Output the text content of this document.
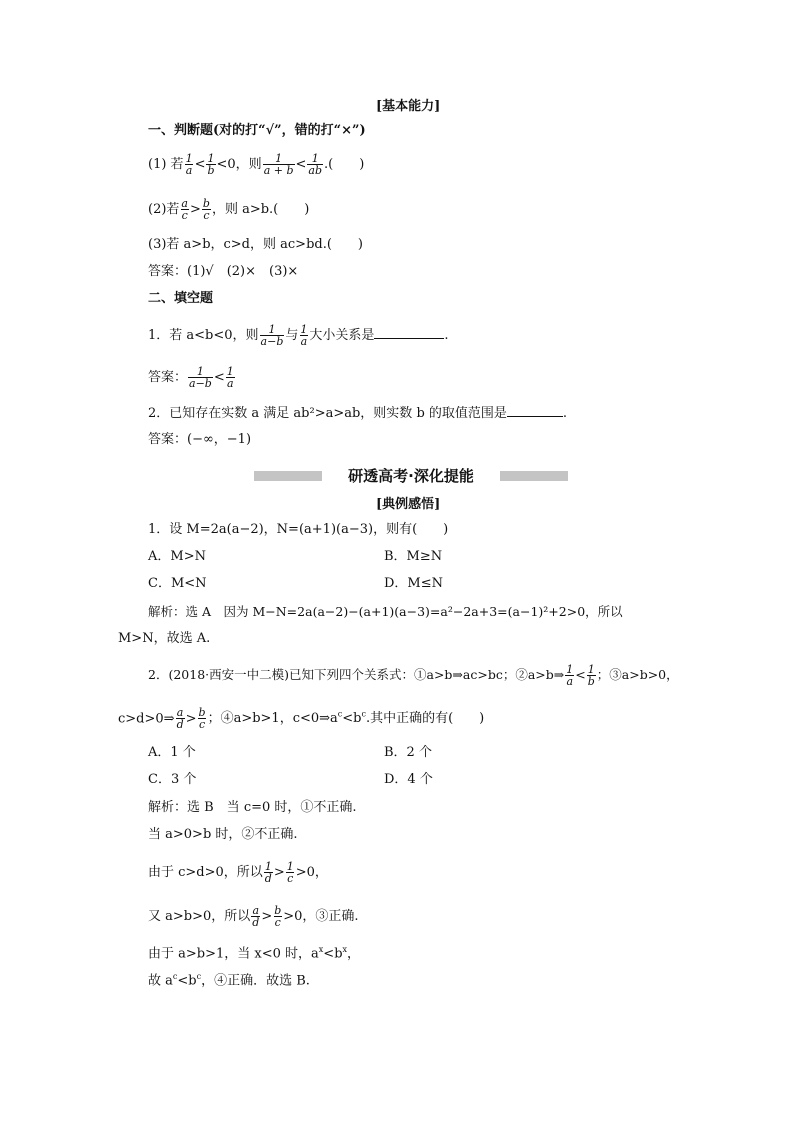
[基本能力]
一、判断题(对的打“√”，错的打“×”)
(1) 若 $\frac{1}{a} < \frac{1}{b} <0$，则 $\frac{1}{a + b} < \frac{1}{ab}$ .(　　)
(2)若 $\frac{a}{c} > \frac{b}{c}$ ，则 a>b.(　　)
(3)若 a>b，c>d，则 ac>bd.(　　)
答案：(1)√　(2)×　(3)×
二、填空题
1．若 a<b<0，则 $\frac{1}{a-b}$ 与 $\frac{1}{a}$ 大小关系是	.
答案： $\frac{1}{a-b} < \frac{1}{a}$
2．已知存在实数 a 满足 ab²>a>ab，则实数 b 的取值范围是	.
答案：(−∞，−1)
研透高考·深化提能
[典例感悟]
1．设 M=2a(a−2)，N=(a+1)(a−3)，则有(　　)
A．M>N	B．M≥N
C．M<N	D．M≤N
解析：选 A　因为 M−N=2a(a−2)−(a+1)(a−3)=a²−2a+3=(a−1)²+2>0，所以
M>N，故选 A.
2．(2018·西安一中二模)已知下列四个关系式：①a>b⇒ac>bc；②a>b⇒ $\frac{1}{a} < \frac{1}{b}$ ；③a>b>0，
c>d>0⇒ $\frac{a}{d} > \frac{b}{c}$ ；④a>b>1，$c<0\Rightarrow a^c<b^c$.其中正确的有(　　)
A．1 个	B．2 个
C．3 个	D．4 个
解析：选 B　当 c=0 时，①不正确.
当 a>0>b 时，②不正确.
由于 c>d>0，所以 $\frac{1}{d} > \frac{1}{c} >0$，
又 a>b>0，所以 $\frac{a}{d} > \frac{b}{c} >0$，③正确.
由于 a>b>1，当 x<0 时，$a^x<b^x$，
故 $a^c<b^c$，④正确．故选 B.
